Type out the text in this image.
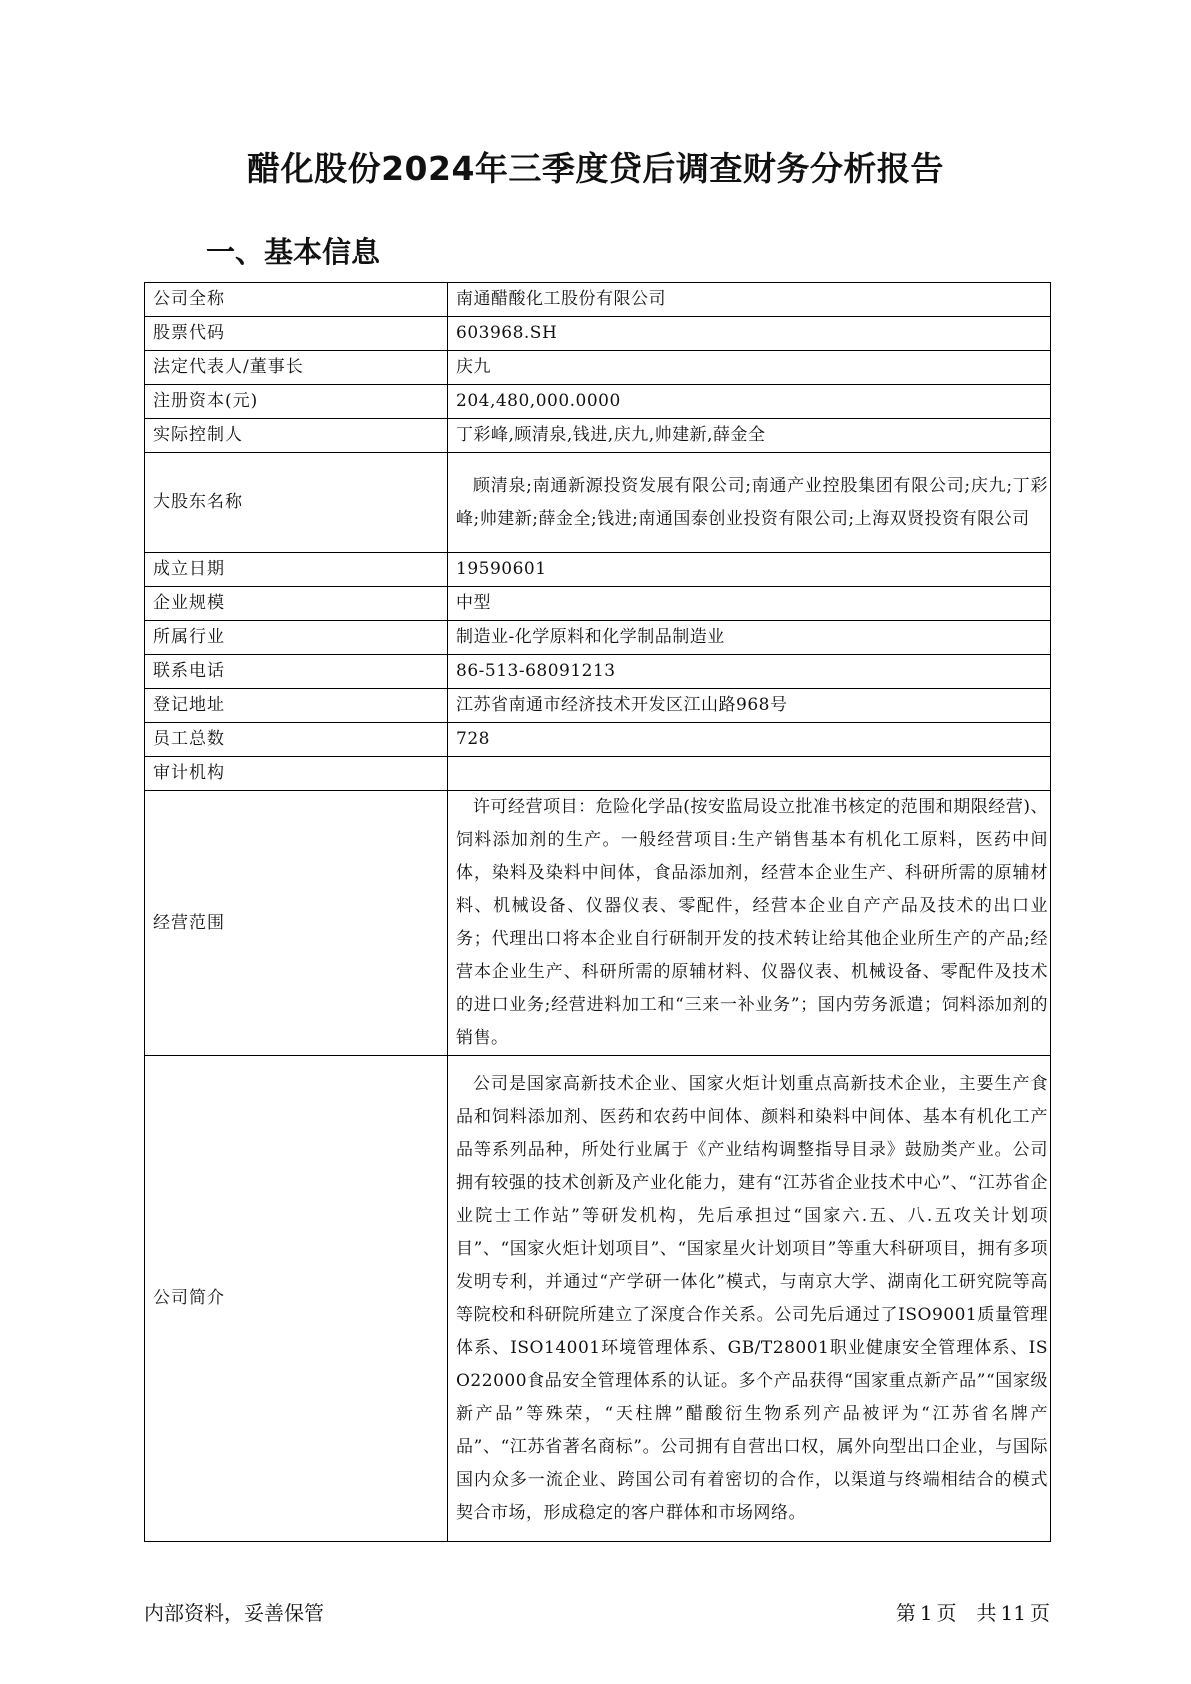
醋化股份2024年三季度贷后调查财务分析报告
一、基本信息
公司全称	南通醋酸化工股份有限公司
股票代码	603968.SH
法定代表人/董事长	庆九
注册资本(元)	204,480,000.0000
实际控制人	丁彩峰,顾清泉,钱进,庆九,帅建新,薛金全
大股东名称	顾清泉;南通新源投资发展有限公司;南通产业控股集团有限公司;庆九;丁彩峰;帅建新;薛金全;钱进;南通国泰创业投资有限公司;上海双贤投资有限公司
成立日期	19590601
企业规模	中型
所属行业	制造业-化学原料和化学制品制造业
联系电话	86-513-68091213
登记地址	江苏省南通市经济技术开发区江山路968号
员工总数	728
审计机构	
经营范围	许可经营项目：危险化学品(按安监局设立批准书核定的范围和期限经营)、饲料添加剂的生产。一般经营项目:生产销售基本有机化工原料，医药中间体，染料及染料中间体，食品添加剂，经营本企业生产、科研所需的原辅材料、机械设备、仪器仪表、零配件，经营本企业自产产品及技术的出口业务；代理出口将本企业自行研制开发的技术转让给其他企业所生产的产品;经营本企业生产、科研所需的原辅材料、仪器仪表、机械设备、零配件及技术的进口业务;经营进料加工和“三来一补业务”；国内劳务派遣；饲料添加剂的销售。
公司简介	公司是国家高新技术企业、国家火炬计划重点高新技术企业，主要生产食品和饲料添加剂、医药和农药中间体、颜料和染料中间体、基本有机化工产品等系列品种，所处行业属于《产业结构调整指导目录》鼓励类产业。公司拥有较强的技术创新及产业化能力，建有“江苏省企业技术中心”、“江苏省企业院士工作站”等研发机构，先后承担过“国家六.五、八.五攻关计划项目”、“国家火炬计划项目”、“国家星火计划项目”等重大科研项目，拥有多项发明专利，并通过“产学研一体化”模式，与南京大学、湖南化工研究院等高等院校和科研院所建立了深度合作关系。公司先后通过了ISO9001质量管理体系、ISO14001环境管理体系、GB/T28001职业健康安全管理体系、ISO22000食品安全管理体系的认证。多个产品获得“国家重点新产品”“国家级新产品”等殊荣，“天柱牌”醋酸衍生物系列产品被评为“江苏省名牌产品”、“江苏省著名商标”。公司拥有自营出口权，属外向型出口企业，与国际国内众多一流企业、跨国公司有着密切的合作，以渠道与终端相结合的模式契合市场，形成稳定的客户群体和市场网络。
内部资料，妥善保管	第 1 页　共 11 页
